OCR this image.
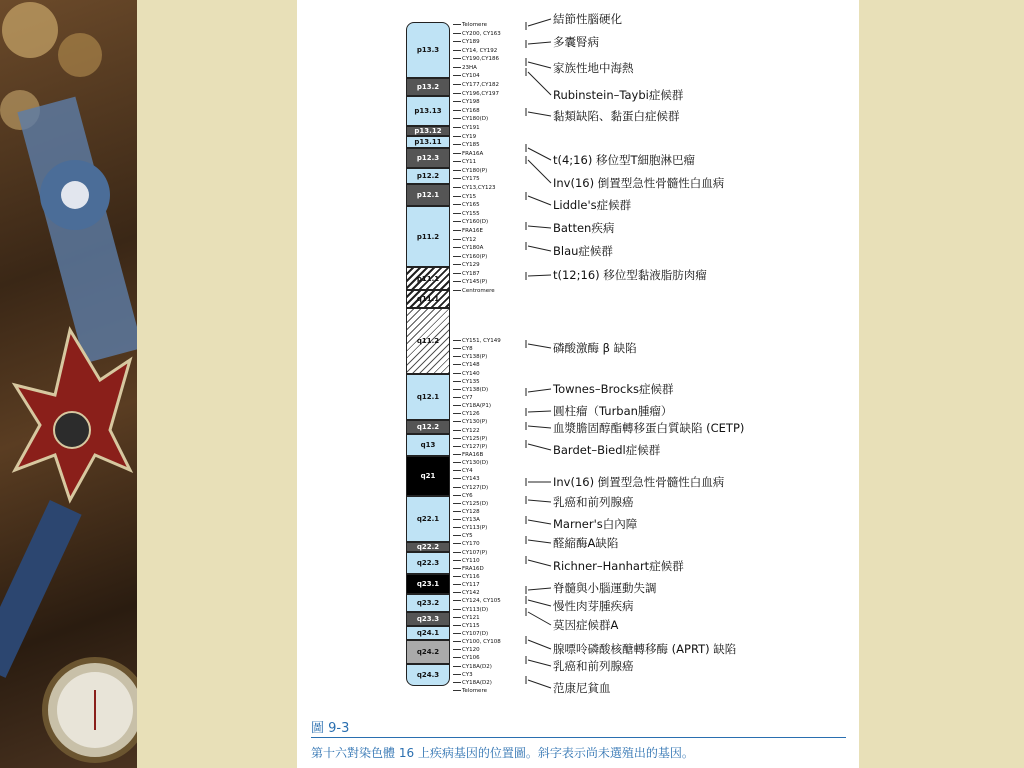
p13.3
p13.2
p13.13
p13.12
p13.11
p12.3
p12.2
p12.1
p11.2
p11.1
q11.1
q11.2
q12.1
q12.2
q13
q21
q22.1
q22.2
q22.3
q23.1
q23.2
q23.3
q24.1
q24.2
q24.3
Telomere
CY200, CY163
CY189
CY14, CY192
CY190,CY186
23HA
CY104
CY177,CY182
CY196,CY197
CY198
CY168
CY180(D)
CY191
CY19
CY185
FRA16A
CY11
CY180(P)
CY175
CY13,CY123
CY15
CY165
CY155
CY160(D)
FRA16E
CY12
CY180A
CY160(P)
CY129
CY187
CY145(P)
Centromere
CY151, CY149
CY8
CY138(P)
CY148
CY140
CY135
CY138(D)
CY7
CY18A(P1)
CY126
CY130(P)
CY122
CY125(P)
CY127(P)
FRA16B
CY130(D)
CY4
CY143
CY127(D)
CY6
CY125(D)
CY128
CY13A
CY113(P)
CY5
CY170
CY107(P)
CY110
FRA16D
CY116
CY117
CY142
CY124, CY105
CY113(D)
CY121
CY115
CY107(D)
CY100, CY108
CY120
CY106
CY18A(D2)
CY3
CY18A(D2)
Telomere
結節性腦硬化
多囊腎病
家族性地中海熱
Rubinstein–Taybi症候群
黏類缺陷、黏蛋白症候群
t(4;16) 移位型T細胞淋巴瘤
Inv(16) 倒置型急性骨髓性白血病
Liddle's症候群
Batten疾病
Blau症候群
t(12;16) 移位型黏液脂肪肉瘤
磷酸激酶 β 缺陷
Townes–Brocks症候群
圓柱瘤（Turban腫瘤）
血漿膽固醇酯轉移蛋白質缺陷 (CETP)
Bardet–Biedl症候群
Inv(16) 倒置型急性骨髓性白血病
乳癌和前列腺癌
Marner's白內障
醛縮酶A缺陷
Richner–Hanhart症候群
脊髓與小腦運動失調
慢性肉芽腫疾病
莫因症候群A
腺嘌呤磷酸核醣轉移酶 (APRT) 缺陷
乳癌和前列腺癌
范康尼貧血
圖 9-3
第十六對染色體 16 上疾病基因的位置圖。斜字表示尚未選殖出的基因。
